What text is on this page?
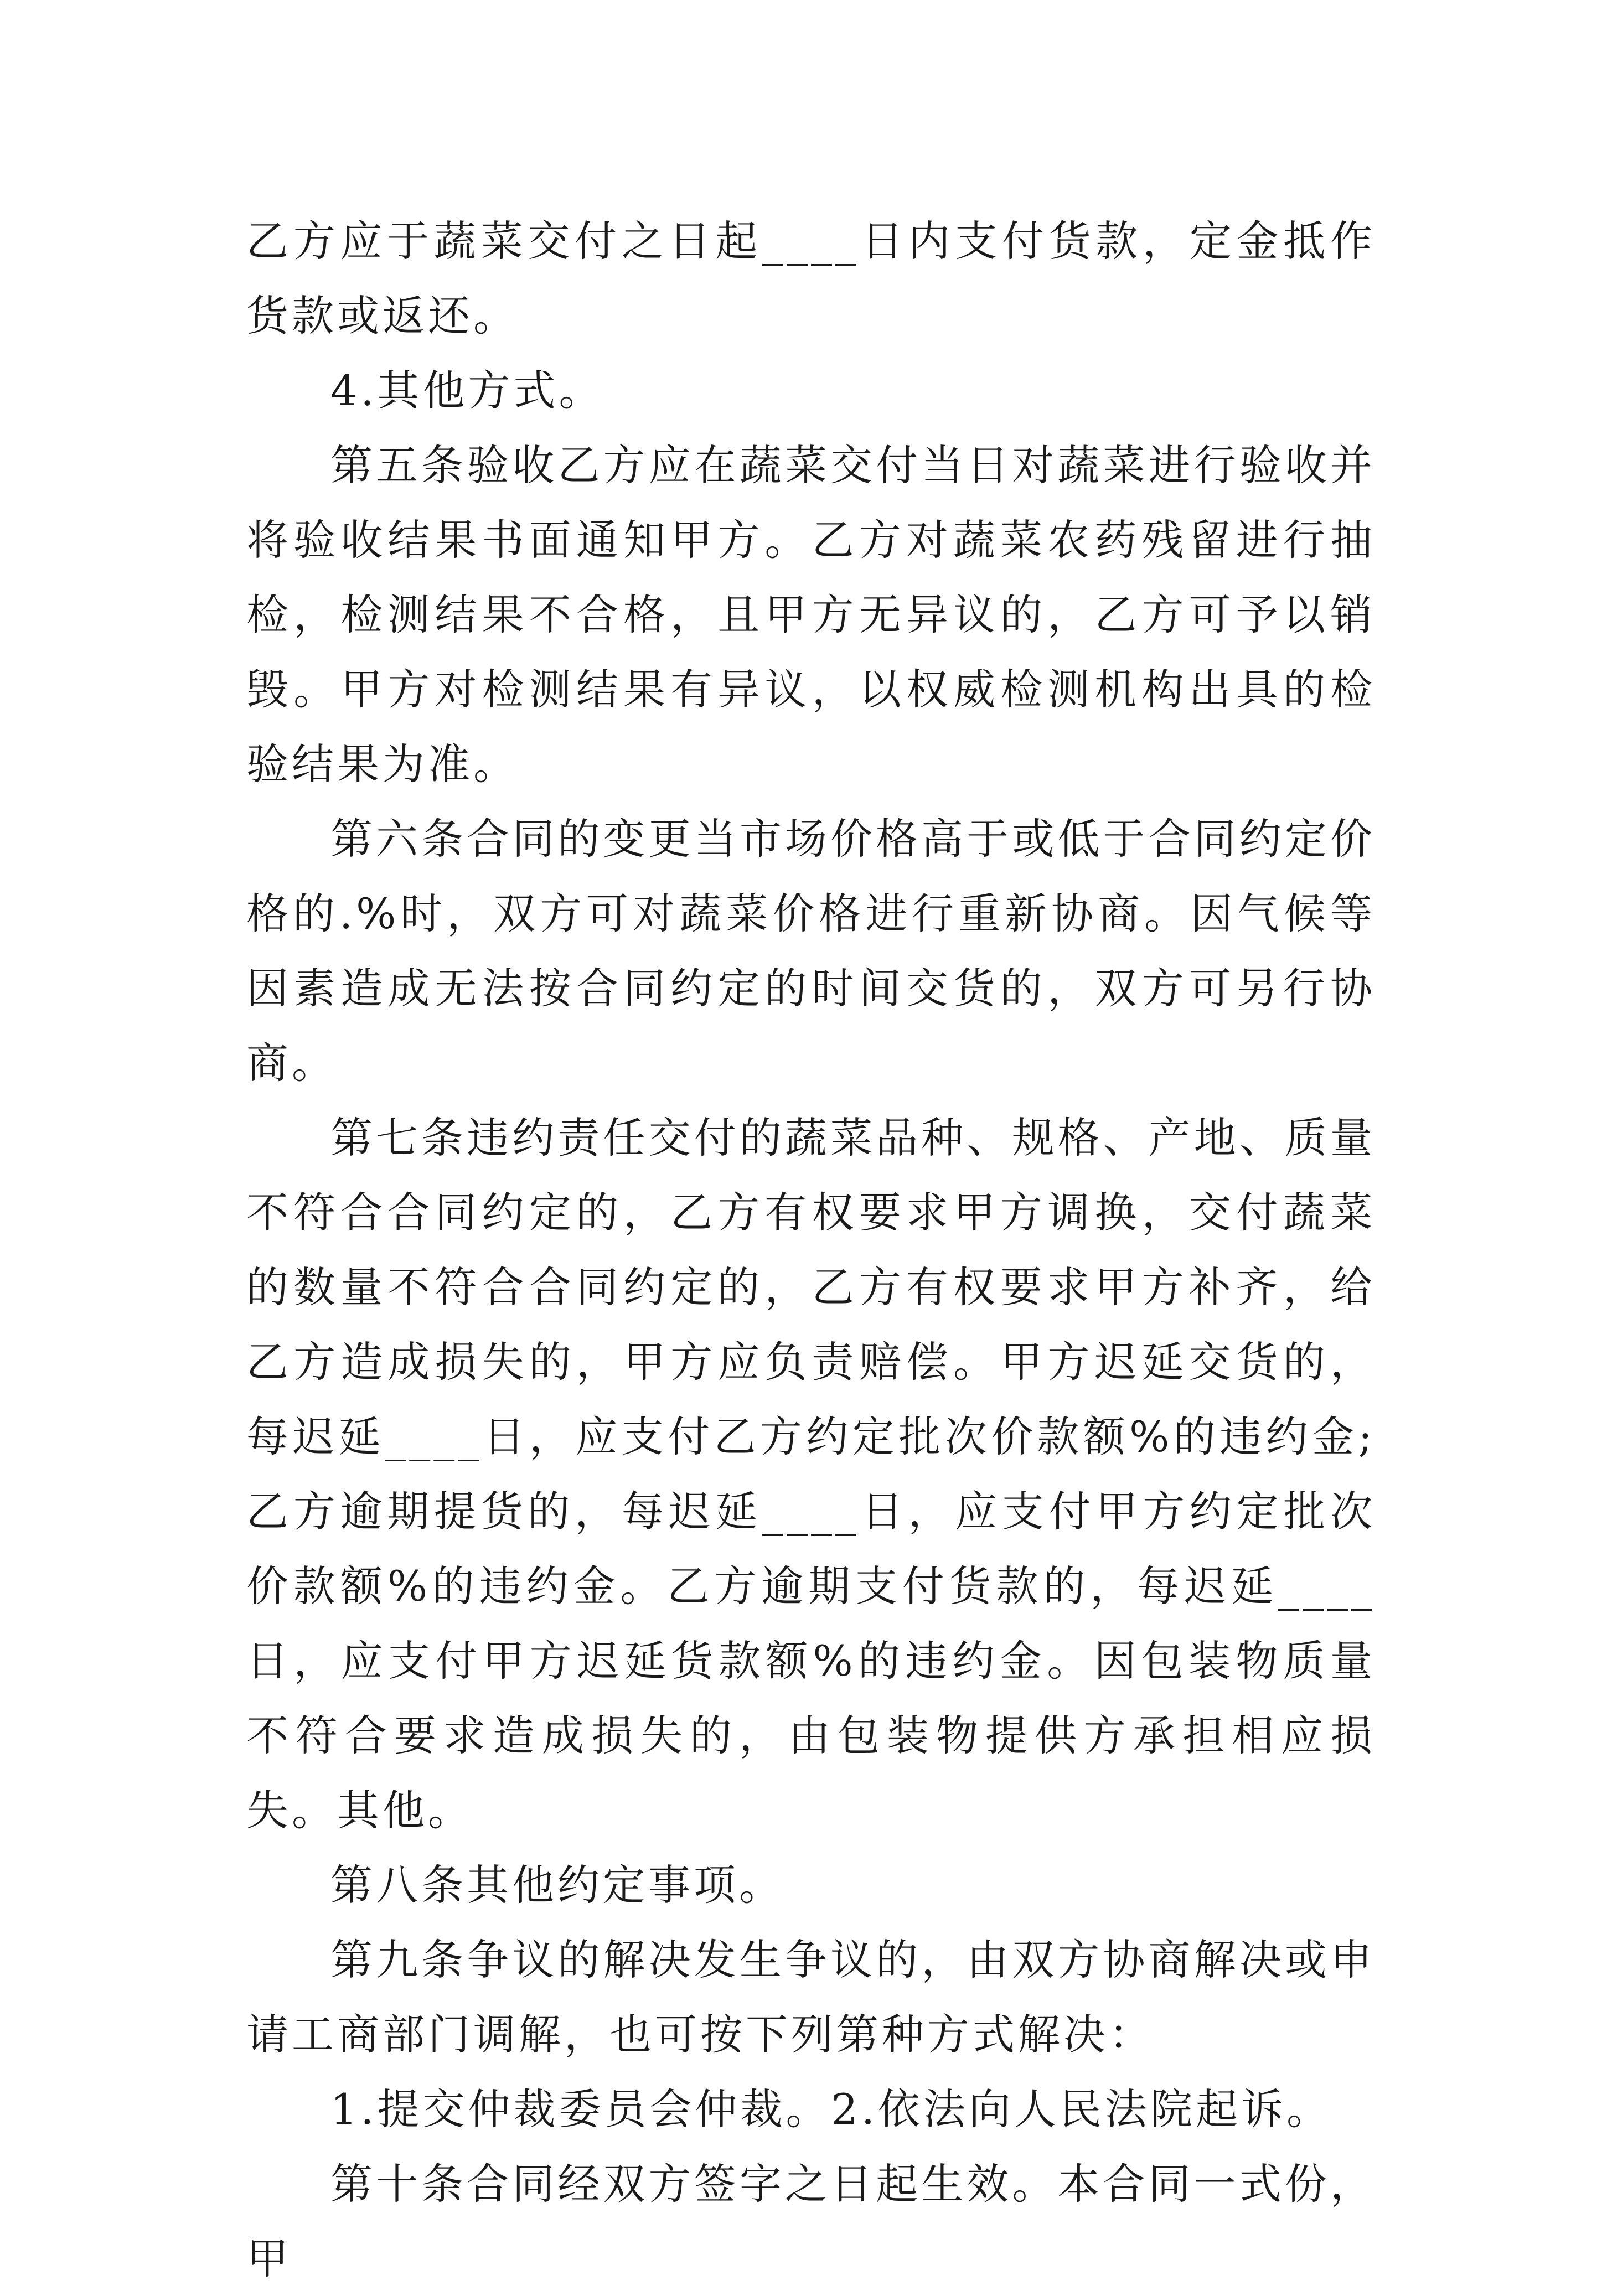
乙方应于蔬菜交付之日起____日内支付货款，定金抵作货款或返还。

4.其他方式。

第五条验收乙方应在蔬菜交付当日对蔬菜进行验收并将验收结果书面通知甲方。乙方对蔬菜农药残留进行抽检，检测结果不合格，且甲方无异议的，乙方可予以销毁。甲方对检测结果有异议，以权威检测机构出具的检验结果为准。

第六条合同的变更当市场价格高于或低于合同约定价格的.%时，双方可对蔬菜价格进行重新协商。因气候等因素造成无法按合同约定的时间交货的，双方可另行协商。

第七条违约责任交付的蔬菜品种、规格、产地、质量不符合合同约定的，乙方有权要求甲方调换，交付蔬菜的数量不符合合同约定的，乙方有权要求甲方补齐，给乙方造成损失的，甲方应负责赔偿。甲方迟延交货的，每迟延____日，应支付乙方约定批次价款额%的违约金;乙方逾期提货的，每迟延____日，应支付甲方约定批次价款额%的违约金。乙方逾期支付货款的，每迟延____日，应支付甲方迟延货款额%的违约金。因包装物质量不符合要求造成损失的，由包装物提供方承担相应损失。其他。

第八条其他约定事项。

第九条争议的解决发生争议的，由双方协商解决或申请工商部门调解，也可按下列第种方式解决：

1.提交仲裁委员会仲裁。2.依法向人民法院起诉。

第十条合同经双方签字之日起生效。本合同一式份，甲
